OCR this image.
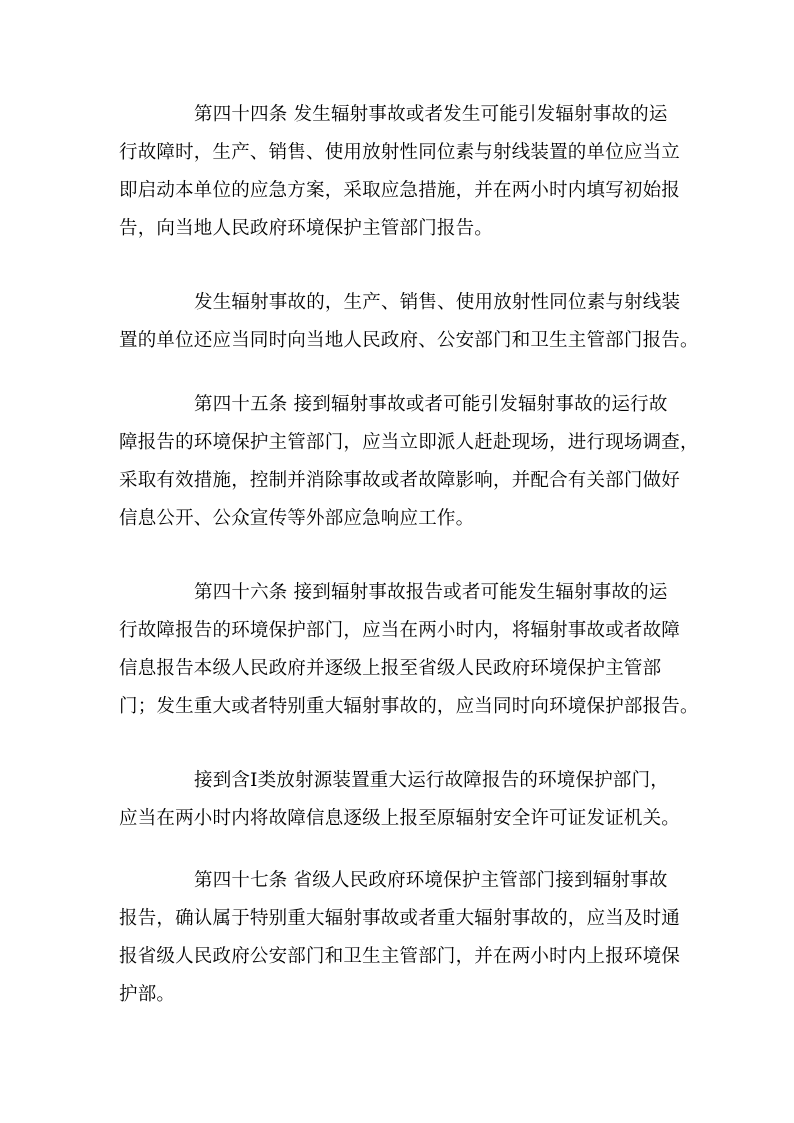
第四十四条 发生辐射事故或者发生可能引发辐射事故的运
行故障时，生产、销售、使用放射性同位素与射线装置的单位应当立
即启动本单位的应急方案，采取应急措施，并在两小时内填写初始报
告，向当地人民政府环境保护主管部门报告。
发生辐射事故的，生产、销售、使用放射性同位素与射线装
置的单位还应当同时向当地人民政府、公安部门和卫生主管部门报告。
第四十五条 接到辐射事故或者可能引发辐射事故的运行故
障报告的环境保护主管部门，应当立即派人赶赴现场，进行现场调查，
采取有效措施，控制并消除事故或者故障影响，并配合有关部门做好
信息公开、公众宣传等外部应急响应工作。
第四十六条 接到辐射事故报告或者可能发生辐射事故的运
行故障报告的环境保护部门，应当在两小时内，将辐射事故或者故障
信息报告本级人民政府并逐级上报至省级人民政府环境保护主管部
门；发生重大或者特别重大辐射事故的，应当同时向环境保护部报告。
接到含Ⅰ类放射源装置重大运行故障报告的环境保护部门，
应当在两小时内将故障信息逐级上报至原辐射安全许可证发证机关。
第四十七条 省级人民政府环境保护主管部门接到辐射事故
报告，确认属于特别重大辐射事故或者重大辐射事故的，应当及时通
报省级人民政府公安部门和卫生主管部门，并在两小时内上报环境保
护部。
